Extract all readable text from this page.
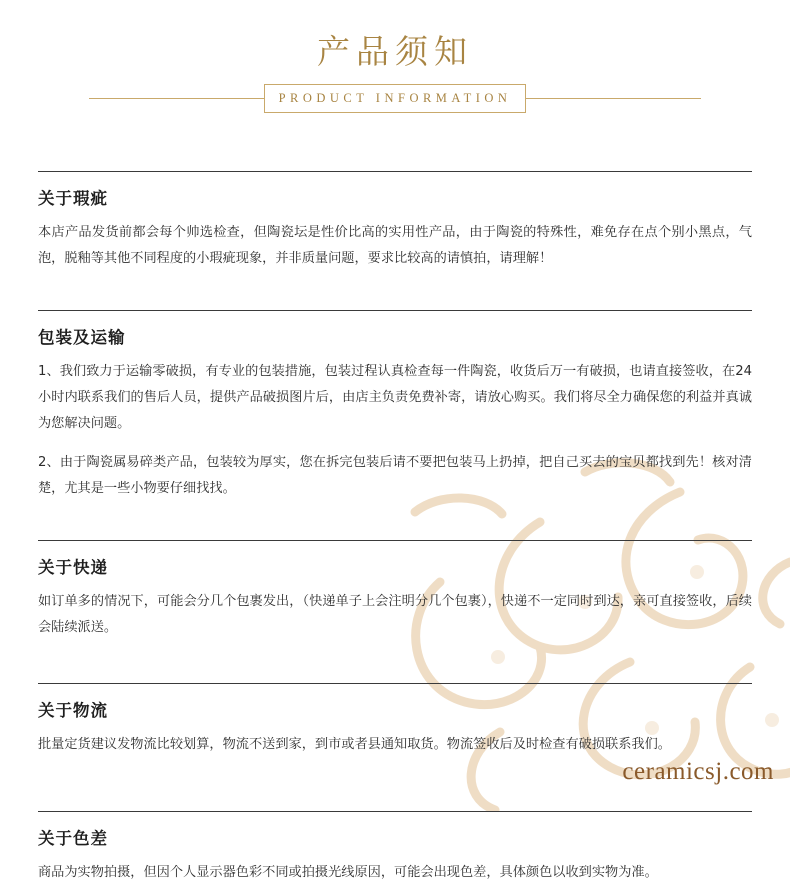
产品须知
PRODUCT INFORMATION
关于瑕疵

本店产品发货前都会每个帅选检查，但陶瓷坛是性价比高的实用性产品，由于陶瓷的特殊性，难免存在点个别小黑点，气泡，脱釉等其他不同程度的小瑕疵现象，并非质量问题，要求比较高的请慎拍，请理解！

包装及运输

1、我们致力于运输零破损，有专业的包装措施，包装过程认真检查每一件陶瓷，收货后万一有破损，也请直接签收，在24小时内联系我们的售后人员，提供产品破损图片后，由店主负责免费补寄，请放心购买。我们将尽全力确保您的利益并真诚为您解决问题。

2、由于陶瓷属易碎类产品，包装较为厚实，您在拆完包装后请不要把包装马上扔掉，把自己买去的宝贝都找到先！核对清楚，尤其是一些小物要仔细找找。

关于快递

如订单多的情况下，可能会分几个包裹发出，（快递单子上会注明分几个包裹），快递不一定同时到达，亲可直接签收，后续会陆续派送。

关于物流

批量定货建议发物流比较划算，物流不送到家，到市或者县通知取货。物流签收后及时检查有破损联系我们。

关于色差

商品为实物拍摄，但因个人显示器色彩不同或拍摄光线原因，可能会出现色差，具体颜色以收到实物为准。

ceramicsj.com
